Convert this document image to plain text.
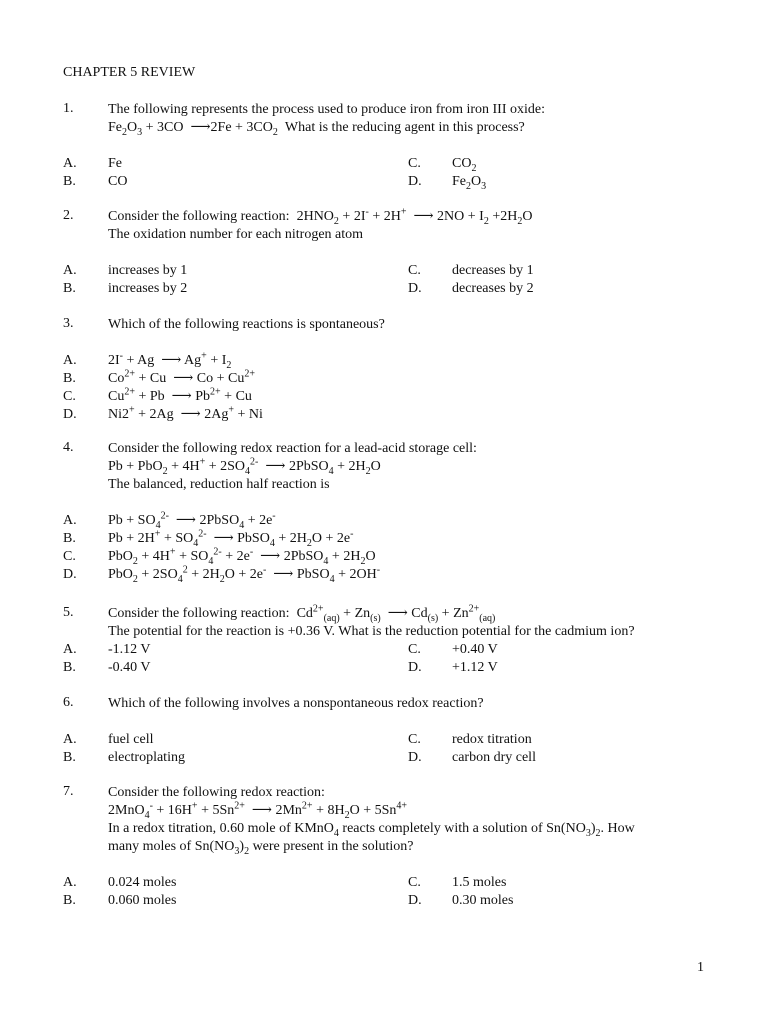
CHAPTER 5 REVIEW
1. The following represents the process used to produce iron from iron III oxide:
$Fe_2O_3 + 3CO$  ⟶2Fe + $3CO_2$ What is the reducing agent in this process?
A. Fe	C. $CO_2$
B. CO	D. $Fe_2O_3$
2. Consider the following reaction:  $2HNO_2 + 2I^- + 2H^+$  ⟶ $2NO + I_2 +2H_2O$
The oxidation number for each nitrogen atom
A. increases by 1	C. decreases by 1
B. increases by 2	D. decreases by 2
3. Which of the following reactions is spontaneous?
A. 2I- + Ag  ⟶ $Ag^+ + I_2$
B. $Co^{2+} + Cu$  ⟶ $Co + Cu^{2+}$
C. $Cu^{2+} + Pb$  ⟶ $Pb^{2+} + Cu$
D. Ni2+ + 2Ag  ⟶ 2Ag+ + Ni
4. Consider the following redox reaction for a lead-acid storage cell:
$Pb + PbO_2 + 4H^+ + 2SO_4^{2-}$  ⟶ 2PbSO$_4$ + $2H_2O$
The balanced, reduction half reaction is
A. $Pb + SO_4^{2-}$  ⟶ 2PbSO$_4$ + 2e-
B. $Pb + 2H^+ + SO_4^{2-}$  ⟶ PbSO$_4$ + $2H_2O + 2e^-$
C. $PbO_2 + 4H^+ + SO_4^{2-} + 2e^-$  ⟶ 2PbSO$_4$ + $2H_2O$
D. $PbO_2 + 2SO_4^2 + 2H_2O + 2e^-$  ⟶ PbSO$_4$ + 2OH-
5. Consider the following reaction:  $Cd^{2+}_{(aq)} + Zn_{(s)}$  ⟶ $Cd_{(s)} + Zn^{2+}_{(aq)}$
The potential for the reaction is +0.36 V. What is the reduction potential for the cadmium ion?
A. -1.12 V	C. +0.40 V
B. -0.40 V	D. +1.12 V
6. Which of the following involves a nonspontaneous redox reaction?
A. fuel cell	C. redox titration
B. electroplating	D. carbon dry cell
7. Consider the following redox reaction:
$2MnO_4^- + 16H^+ + 5Sn^{2+}$  ⟶ $2Mn^{2+} + 8H_2O + 5Sn^{4+}$
In a redox titration, 0.60 mole of KMnO$_4$ reacts completely with a solution of $Sn(NO_3)_2$. How
many moles of $Sn(NO_3)_2$ were present in the solution?
A. 0.024 moles	C. 1.5 moles
B. 0.060 moles	D. 0.30 moles
1
